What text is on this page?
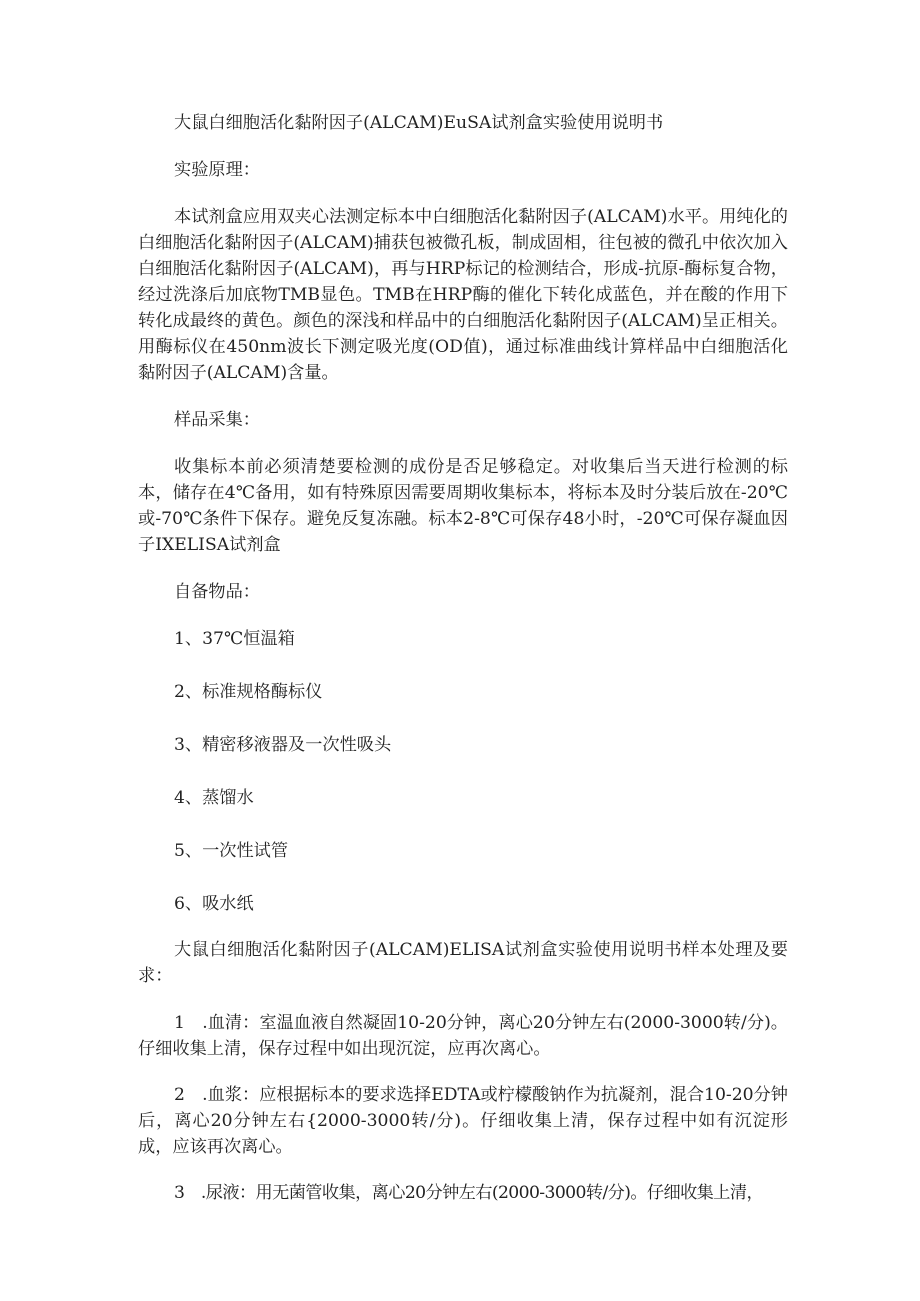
大鼠白细胞活化黏附因子(ALCAM)EuSA试剂盒实验使用说明书

实验原理：

本试剂盒应用双夹心法测定标本中白细胞活化黏附因子(ALCAM)水平。用纯化的白细胞活化黏附因子(ALCAM)捕获包被微孔板，制成固相，往包被的微孔中依次加入白细胞活化黏附因子(ALCAM)，再与HRP标记的检测结合，形成-抗原-酶标复合物，经过洗涤后加底物TMB显色。TMB在HRP酶的催化下转化成蓝色，并在酸的作用下转化成最终的黄色。颜色的深浅和样品中的白细胞活化黏附因子(ALCAM)呈正相关。用酶标仪在450nm波长下测定吸光度(OD值)，通过标准曲线计算样品中白细胞活化黏附因子(ALCAM)含量。

样品采集：

收集标本前必须清楚要检测的成份是否足够稳定。对收集后当天进行检测的标本，储存在4℃备用，如有特殊原因需要周期收集标本，将标本及时分装后放在-20℃或-70℃条件下保存。避免反复冻融。标本2-8℃可保存48小时，-20℃可保存凝血因子IXELISA试剂盒

自备物品：

1、37℃恒温箱

2、标准规格酶标仪

3、精密移液器及一次性吸头

4、蒸馏水

5、一次性试管

6、吸水纸

大鼠白细胞活化黏附因子(ALCAM)ELISA试剂盒实验使用说明书样本处理及要求：

1　.血清：室温血液自然凝固10-20分钟，离心20分钟左右(2000-3000转/分)。仔细收集上清，保存过程中如出现沉淀，应再次离心。

2　.血浆：应根据标本的要求选择EDTA或柠檬酸钠作为抗凝剂，混合10-20分钟后，离心20分钟左右{2000-3000转/分)。仔细收集上清，保存过程中如有沉淀形成，应该再次离心。

3　.尿液：用无菌管收集，离心20分钟左右(2000-3000转/分)。仔细收集上清，
